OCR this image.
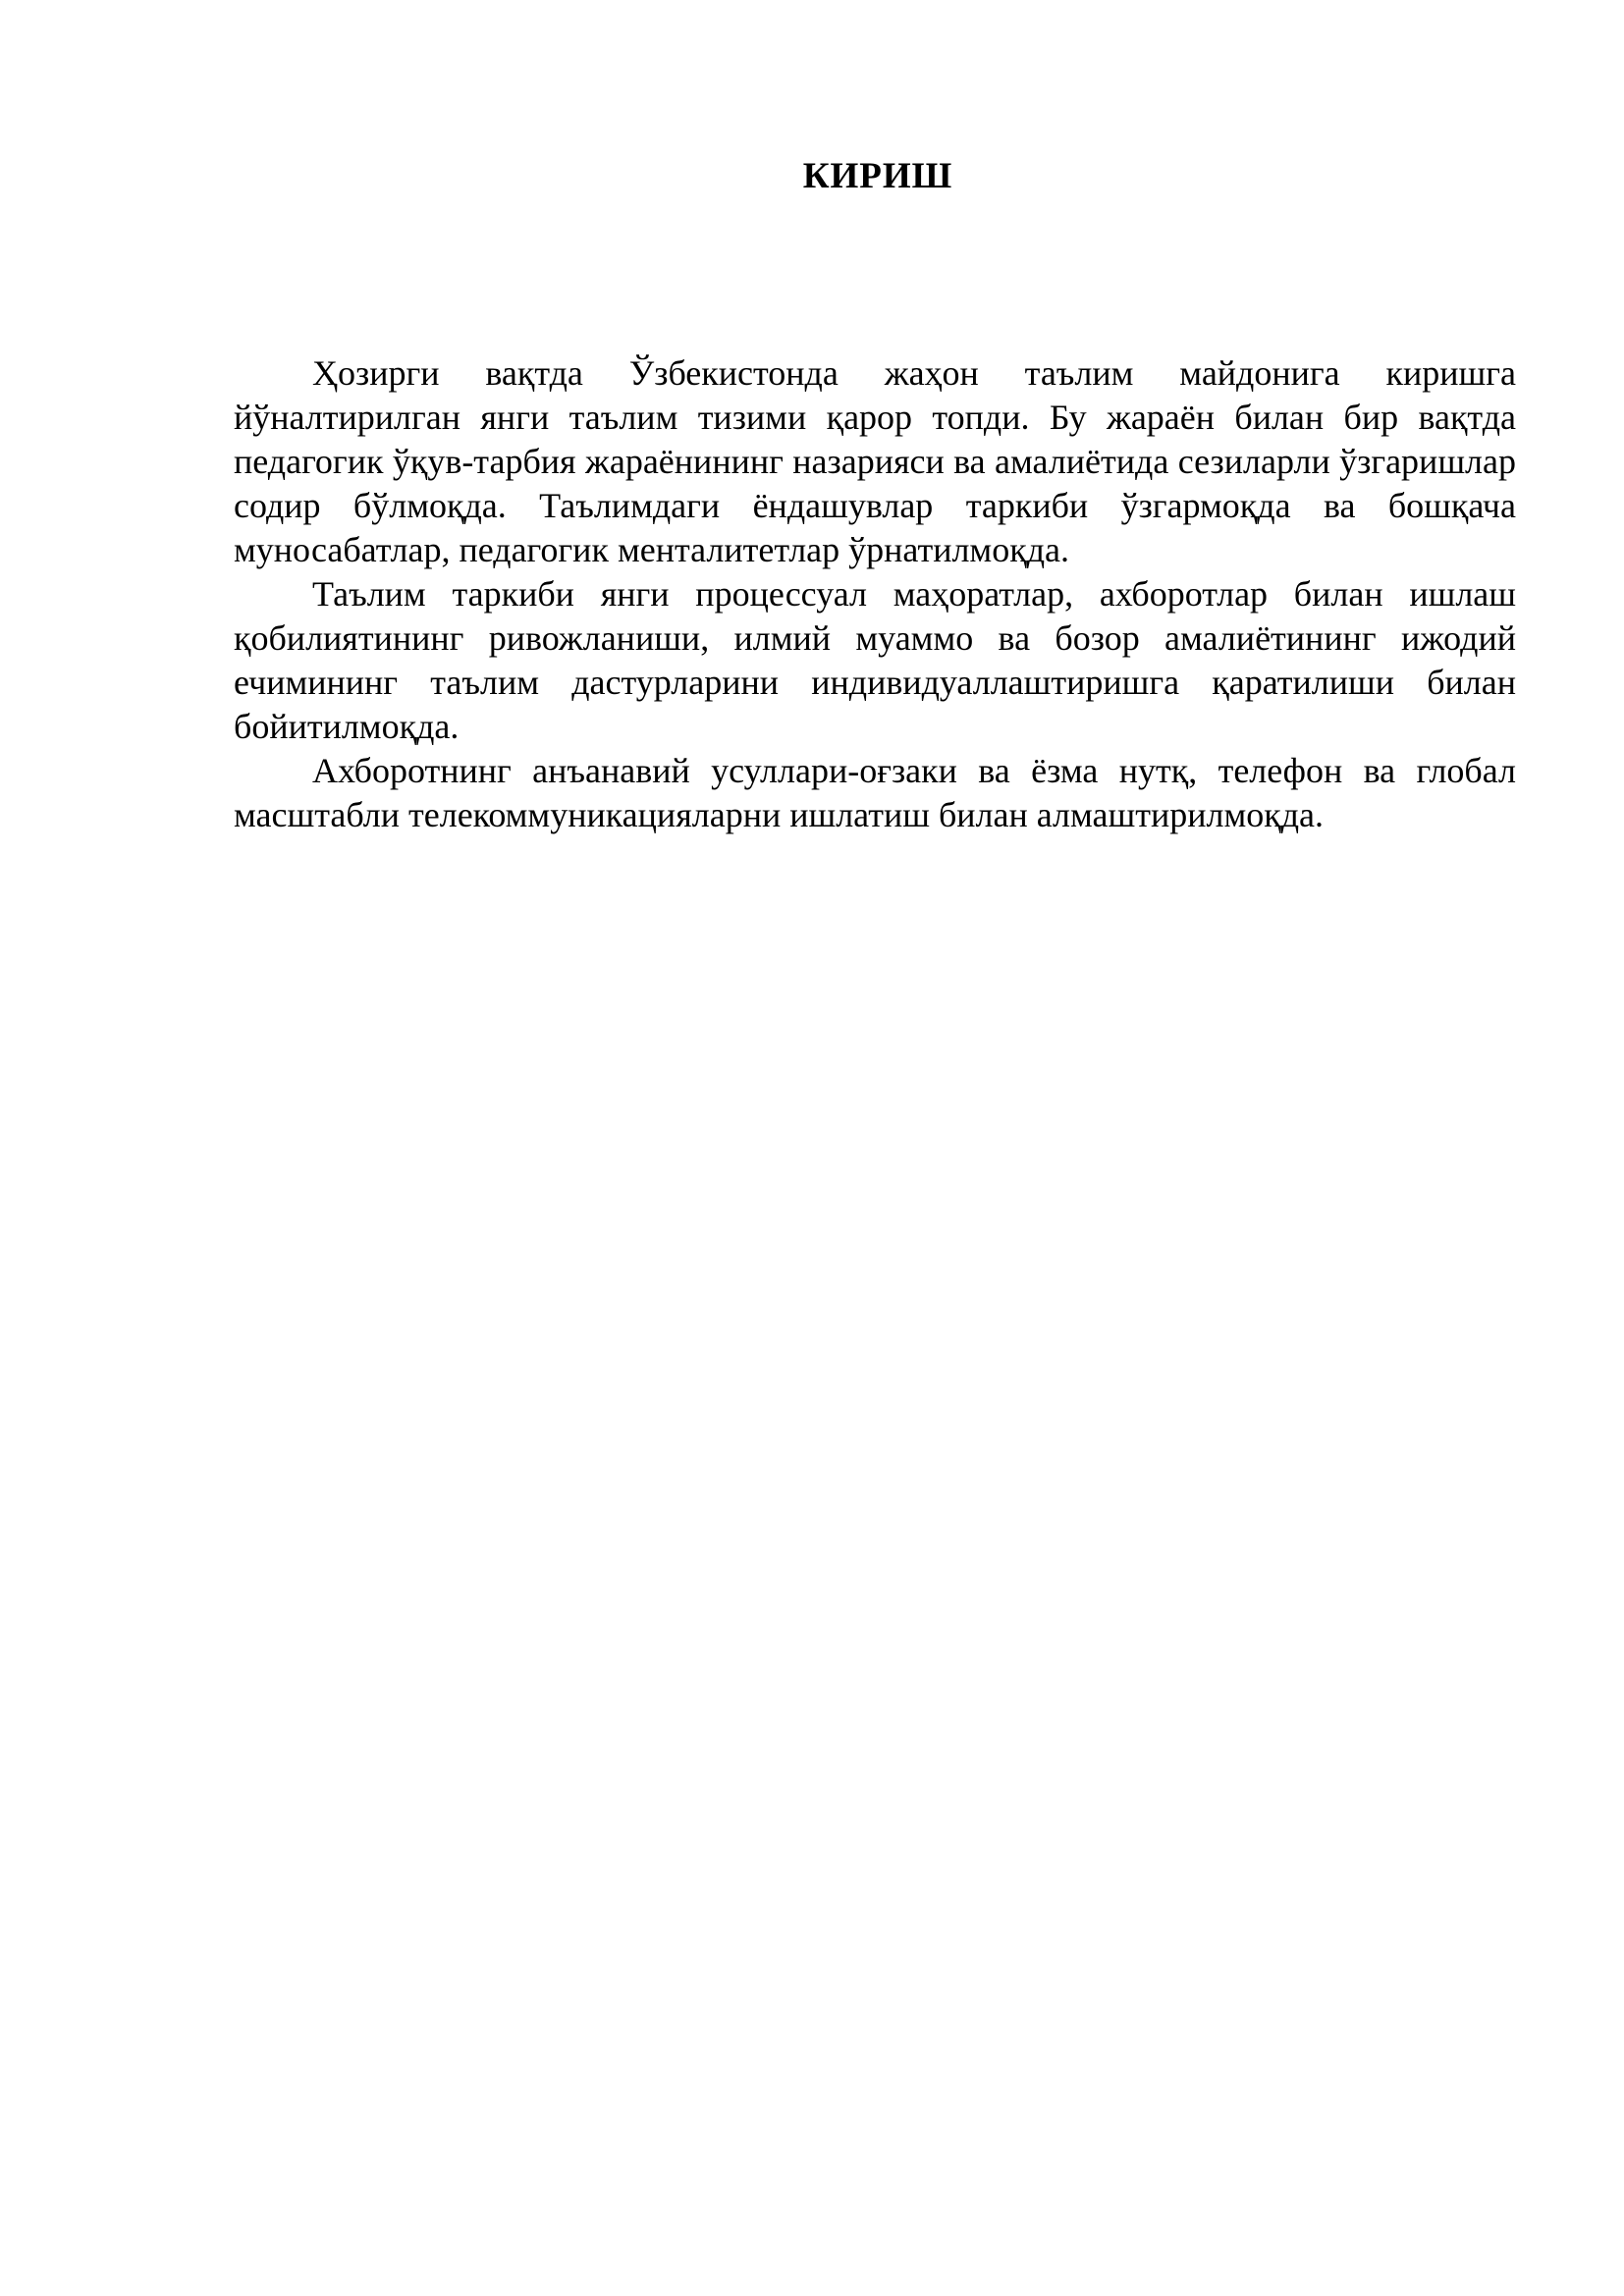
КИРИШ

Ҳозирги вақтда Ўзбекистонда жаҳон таълим майдонига киришга йўналтирилган янги таълим тизими қарор топди. Бу жараён билан бир вақтда педагогик ўқув-тарбия жараёнининг назарияси ва амалиётида сезиларли ўзгаришлар содир бўлмоқда. Таълимдаги ёндашувлар таркиби ўзгармоқда ва бошқача муносабатлар, педагогик менталитетлар ўрнатилмоқда.

Таълим таркиби янги процессуал маҳоратлар, ахборотлар билан ишлаш қобилиятининг ривожланиши, илмий муаммо ва бозор амалиётининг ижодий ечимининг таълим дастурларини индивидуаллаштиришга қаратилиши билан бойитилмоқда.

Ахборотнинг анъанавий усуллари-оғзаки ва ёзма нутқ, телефон ва глобал масштабли телекоммуникацияларни ишлатиш билан алмаштирилмоқда.
